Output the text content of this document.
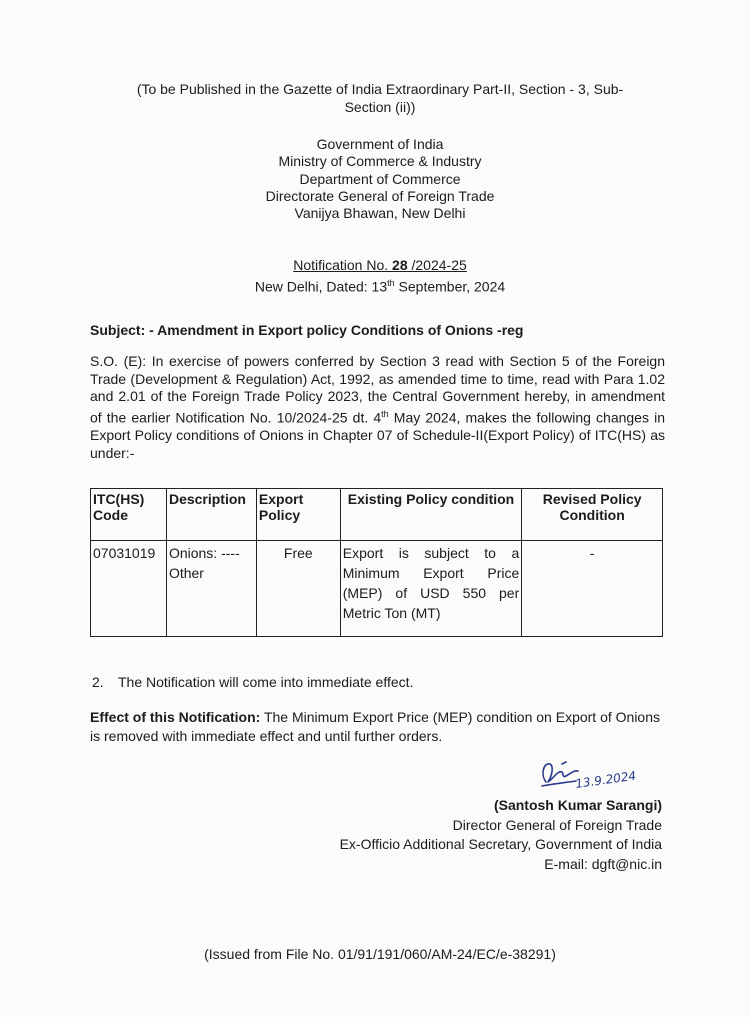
(To be Published in the Gazette of India Extraordinary Part-II, Section - 3, Sub-
Section (ii))
Government of India
Ministry of Commerce & Industry
Department of Commerce
Directorate General of Foreign Trade
Vanijya Bhawan, New Delhi
Notification No. 28 /2024-25
New Delhi, Dated: 13th September, 2024
Subject: - Amendment in Export policy Conditions of Onions -reg
S.O. (E): In exercise of powers conferred by Section 3 read with Section 5 of the Foreign Trade (Development & Regulation) Act, 1992, as amended time to time, read with Para 1.02 and 2.01 of the Foreign Trade Policy 2023, the Central Government hereby, in amendment of the earlier Notification No. 10/2024-25 dt. 4th May 2024, makes the following changes in Export Policy conditions of Onions in Chapter 07 of Schedule-II(Export Policy) of ITC(HS) as under:-
ITC(HS) Code	Description	Export Policy	Existing Policy condition	Revised Policy Condition
07031019	Onions: ---- Other	Free	Export is subject to a Minimum Export Price (MEP) of USD 550 per Metric Ton (MT)	-
2. The Notification will come into immediate effect.
Effect of this Notification: The Minimum Export Price (MEP) condition on Export of Onions is removed with immediate effect and until further orders.
13.9.2024
(Santosh Kumar Sarangi)
Director General of Foreign Trade
Ex-Officio Additional Secretary, Government of India
E-mail: dgft@nic.in
(Issued from File No. 01/91/191/060/AM-24/EC/e-38291)
